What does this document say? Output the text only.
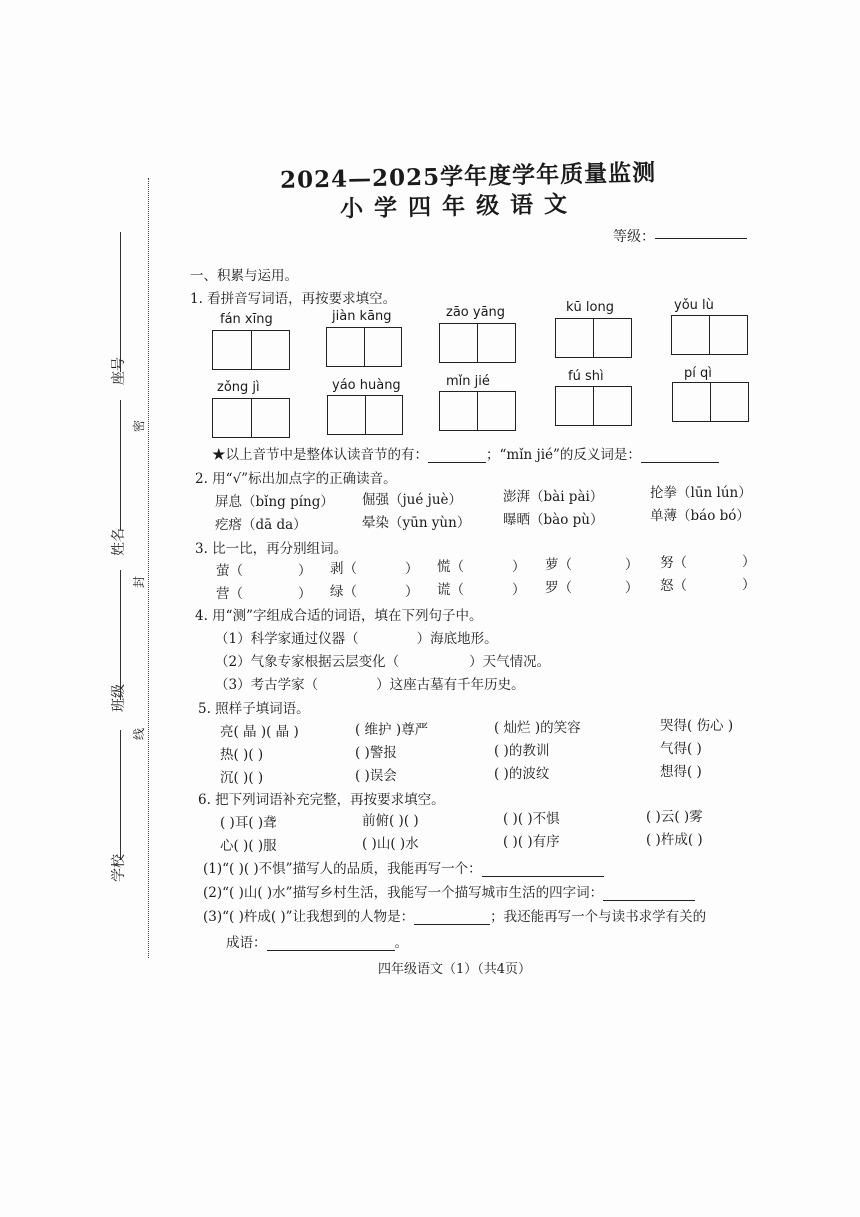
座号
姓名
班级
学校
密
封
线
2024—2025学年度学年质量监测
小学四年级语文
等级：
一、积累与运用。
1. 看拼音写词语，再按要求填空。
fán xīng	jiàn kāng	zāo yāng	kū long	yǒu lù
zǒng jì	yáo huàng	mǐn jié	fú shì	pí qì
★以上音节中是整体认读音节的有：	；“mǐn jié”的反义词是：
2. 用“√”标出加点字的正确读音。
屏息（bǐng píng） 倔强（jué juè）	澎湃（bài pài）	抡拳（lūn lún）
疙瘩（dā da）	晕染（yūn yùn） 曝晒（bào pù）	单薄（báo bó）
3. 比一比，再分别组词。
萤（	） 剥（	） 慌（	） 萝（	） 努（	）
营（	） 绿（	） 谎（	） 罗（	） 怒（	）
4. 用“测”字组成合适的词语，填在下列句子中。
（1）科学家通过仪器（	）海底地形。
（2）气象专家根据云层变化（	）天气情况。
（3）考古学家（	）这座古墓有千年历史。
5. 照样子填词语。
亮( 晶 )( 晶 )	( 维护 )尊严	( 灿烂 )的笑容	哭得( 伤心 )
热( )( )	( )警报	( )的教训	气得( )
沉( )( )	( )误会	( )的波纹	想得( )
6. 把下列词语补充完整，再按要求填空。
( )耳( )聋	前俯( )( )	( )( )不惧	( )云( )雾
心( )( )服	( )山( )水	( )( )有序	( )杵成( )
(1)“( )( )不惧”描写人的品质，我能再写一个：
(2)“( )山( )水”描写乡村生活，我能写一个描写城市生活的四字词：
(3)“( )杵成( )”让我想到的人物是：	；我还能再写一个与读书求学有关的
成语：	。
四年级语文（1）（共4页）
